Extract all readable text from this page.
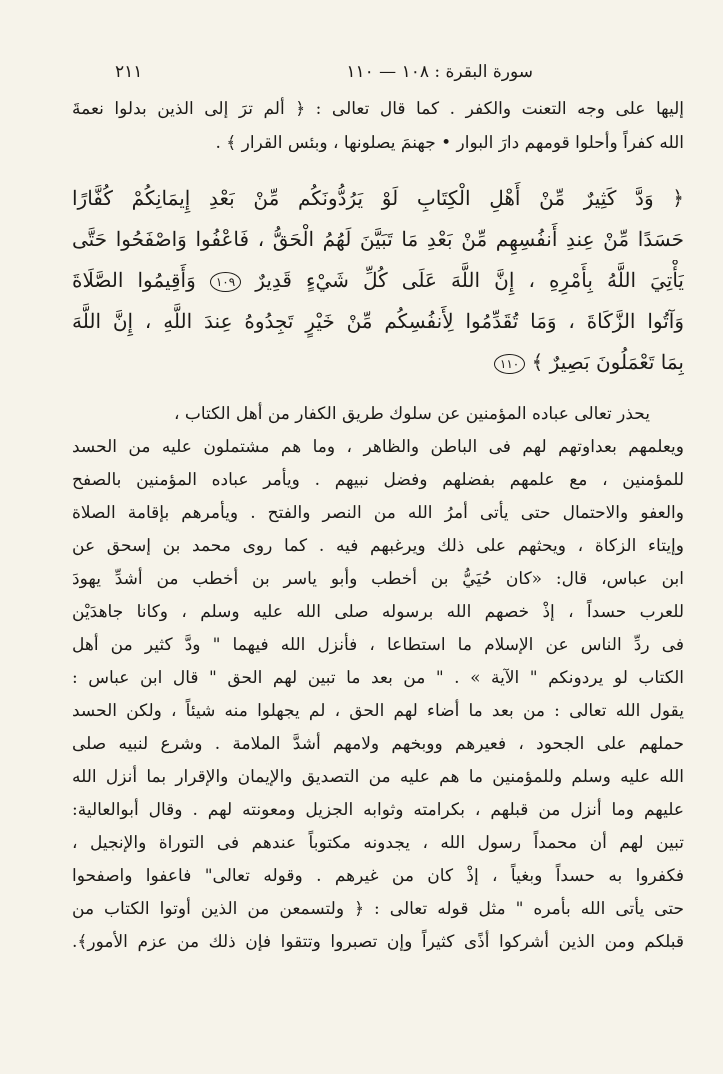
سورة البقرة : ١٠٨ — ١١٠
٢١١
إليها على وجه التعنت والكفر . كما قال تعالى : ﴿ ألم ترَ إلى الذين بدلوا نعمةَ
الله كفراً وأحلوا قومهم دارَ البوار • جهنمَ يصلونها ، وبئس القرار ﴾ .
﴿ وَدَّ كَثِيرٌ مِّنْ أَهْلِ الْكِتَابِ لَوْ يَرُدُّونَكُم مِّنْ بَعْدِ إِيمَانِكُمْ كُفَّارًا
حَسَدًا مِّنْ عِندِ أَنفُسِهِم مِّنْ بَعْدِ مَا تَبَيَّنَ لَهُمُ الْحَقُّ ، فَاعْفُوا وَاصْفَحُوا حَتَّى
يَأْتِيَ اللَّهُ بِأَمْرِهِ ، إِنَّ اللَّهَ عَلَى كُلِّ شَيْءٍ قَدِيرٌ ١٠٩ وَأَقِيمُوا الصَّلَاةَ
وَآتُوا الزَّكَاةَ ، وَمَا تُقَدِّمُوا لِأَنفُسِكُم مِّنْ خَيْرٍ تَجِدُوهُ عِندَ اللَّهِ ، إِنَّ اللَّهَ
بِمَا تَعْمَلُونَ بَصِيرٌ ﴾ ١١٠
يحذر تعالى عباده المؤمنين عن سلوك طريق الكفار من أهل الكتاب ،
ويعلمهم بعداوتهم لهم فى الباطن والظاهر ، وما هم مشتملون عليه من الحسد
للمؤمنين ، مع علمهم بفضلهم وفضل نبيهم . ويأمر عباده المؤمنين بالصفح
والعفو والاحتمال حتى يأتى أمرُ الله من النصر والفتح . ويأمرهم بإقامة الصلاة
وإيتاء الزكاة ، ويحثهم على ذلك ويرغبهم فيه . كما روى محمد بن إسحق عن
ابن عباس، قال: «كان حُيَيُّ بن أخطب وأبو ياسر بن أخطب من أشدِّ يهودَ
للعرب حسداً ، إذْ خصهم الله برسوله صلى الله عليه وسلم ، وكانا جاهدَيْن
فى ردِّ الناس عن الإسلام ما استطاعا ، فأنزل الله فيهما " ودَّ كثير من أهل
الكتاب لو يردونكم " الآية » . " من بعد ما تبين لهم الحق " قال ابن عباس :
يقول الله تعالى : من بعد ما أضاء لهم الحق ، لم يجهلوا منه شيئاً ، ولكن الحسد
حملهم على الجحود ، فعيرهم ووبخهم ولامهم أشدَّ الملامة . وشرع لنبيه صلى
الله عليه وسلم وللمؤمنين ما هم عليه من التصديق والإيمان والإقرار بما أنزل الله
عليهم وما أنزل من قبلهم ، بكرامته وثوابه الجزيل ومعونته لهم . وقال أبوالعالية:
تبين لهم أن محمداً رسول الله ، يجدونه مكتوباً عندهم فى التوراة والإنجيل ،
فكفروا به حسداً وبغياً ، إذْ كان من غيرهم . وقوله تعالى" فاعفوا واصفحوا
حتى يأتى الله بأمره " مثل قوله تعالى : ﴿ ولتسمعن من الذين أوتوا الكتاب من
قبلكم ومن الذين أشركوا أذًى كثيراً وإن تصبروا وتتقوا فإن ذلك من عزم الأمور﴾.
